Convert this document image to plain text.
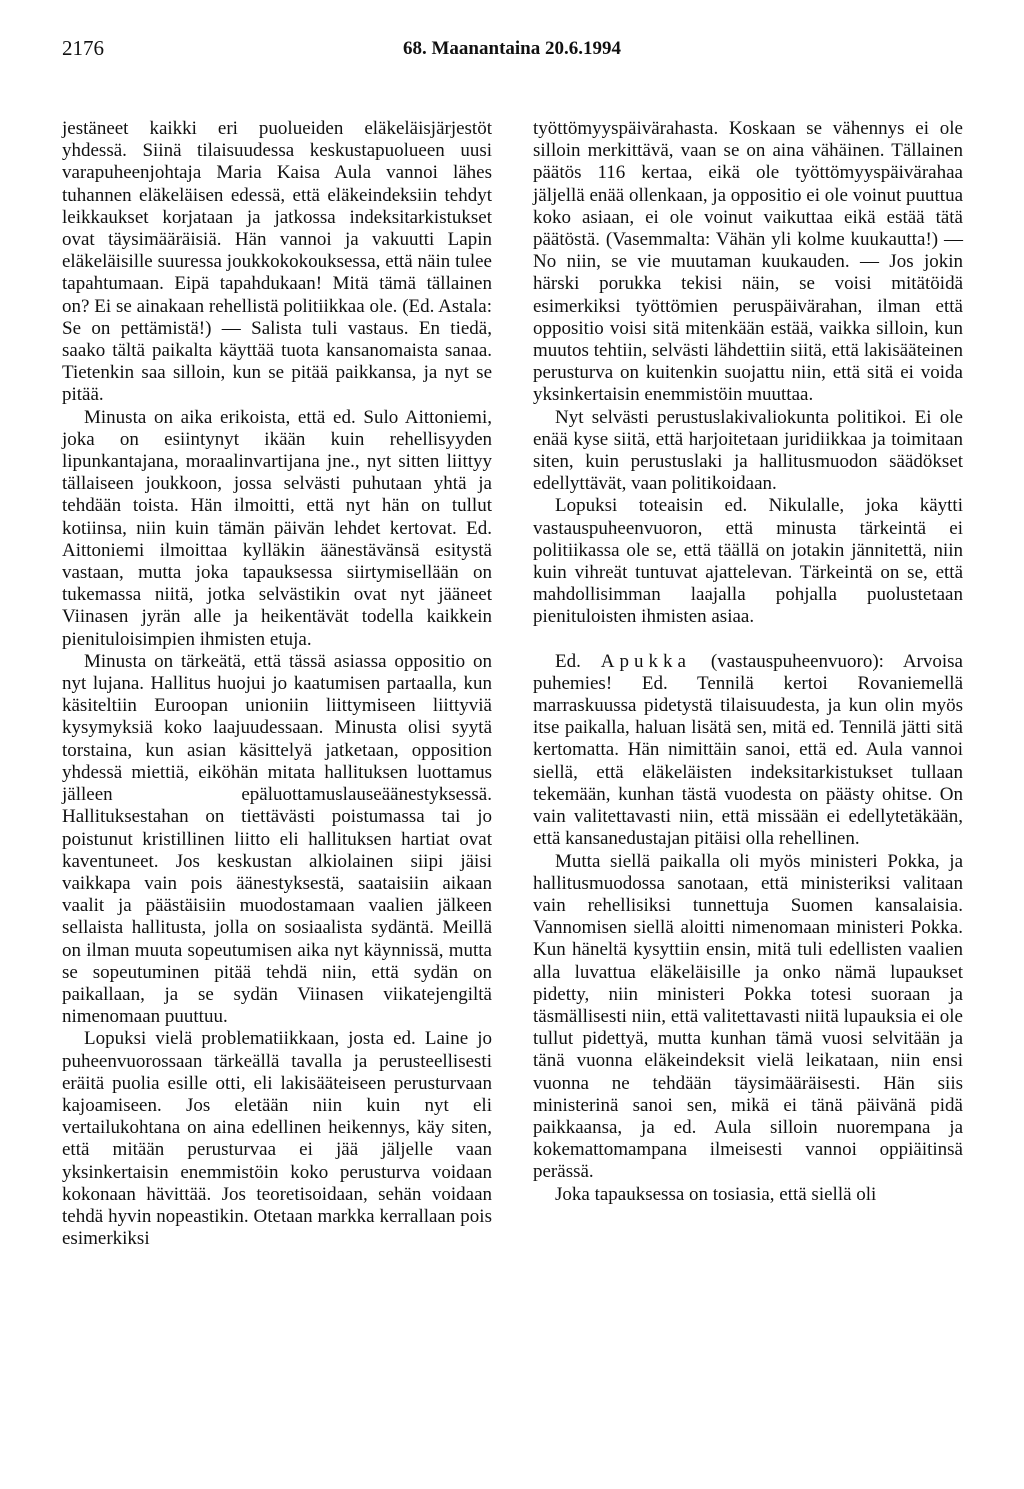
2176	68. Maanantaina 20.6.1994

jestäneet kaikki eri puolueiden eläkeläisjärjestöt yhdessä. Siinä tilaisuudessa keskustapuolueen uusi varapuheenjohtaja Maria Kaisa Aula vannoi lähes tuhannen eläkeläisen edessä, että eläkeindeksiin tehdyt leikkaukset korjataan ja jatkossa indeksitarkistukset ovat täysimääräisiä. Hän vannoi ja vakuutti Lapin eläkeläisille suuressa joukkokokouksessa, että näin tulee tapahtumaan. Eipä tapahdukaan! Mitä tämä tällainen on? Ei se ainakaan rehellistä politiikkaa ole. (Ed. Astala: Se on pettämistä!) — Salista tuli vastaus. En tiedä, saako tältä paikalta käyttää tuota kansanomaista sanaa. Tietenkin saa silloin, kun se pitää paikkansa, ja nyt se pitää.

Minusta on aika erikoista, että ed. Sulo Aittoniemi, joka on esiintynyt ikään kuin rehellisyyden lipunkantajana, moraalinvartijana jne., nyt sitten liittyy tällaiseen joukkoon, jossa selvästi puhutaan yhtä ja tehdään toista. Hän ilmoitti, että nyt hän on tullut kotiinsa, niin kuin tämän päivän lehdet kertovat. Ed. Aittoniemi ilmoittaa kylläkin äänestävänsä esitystä vastaan, mutta joka tapauksessa siirtymisellään on tukemassa niitä, jotka selvästikin ovat nyt jääneet Viinasen jyrän alle ja heikentävät todella kaikkein pienituloisimpien ihmisten etuja.

Minusta on tärkeätä, että tässä asiassa oppositio on nyt lujana. Hallitus huojui jo kaatumisen partaalla, kun käsiteltiin Euroopan unioniin liittymiseen liittyviä kysymyksiä koko laajuudessaan. Minusta olisi syytä torstaina, kun asian käsittelyä jatketaan, opposition yhdessä miettiä, eiköhän mitata hallituksen luottamus jälleen epäluottamuslauseäänestyksessä. Hallituksestahan on tiettävästi poistumassa tai jo poistunut kristillinen liitto eli hallituksen hartiat ovat kaventuneet. Jos keskustan alkiolainen siipi jäisi vaikkapa vain pois äänestyksestä, saataisiin aikaan vaalit ja päästäisiin muodostamaan vaalien jälkeen sellaista hallitusta, jolla on sosiaalista sydäntä. Meillä on ilman muuta sopeutumisen aika nyt käynnissä, mutta se sopeutuminen pitää tehdä niin, että sydän on paikallaan, ja se sydän Viinasen viikatejengiltä nimenomaan puuttuu.

Lopuksi vielä problematiikkaan, josta ed. Laine jo puheenvuorossaan tärkeällä tavalla ja perusteellisesti eräitä puolia esille otti, eli lakisääteiseen perusturvaan kajoamiseen. Jos eletään niin kuin nyt eli vertailukohtana on aina edellinen heikennys, käy siten, että mitään perusturvaa ei jää jäljelle vaan yksinkertaisin enemmistöin koko perusturva voidaan kokonaan hävittää. Jos teoretisoidaan, sehän voidaan tehdä hyvin nopeastikin. Otetaan markka kerrallaan pois esimerkiksi

työttömyyspäivärahasta. Koskaan se vähennys ei ole silloin merkittävä, vaan se on aina vähäinen. Tällainen päätös 116 kertaa, eikä ole työttömyyspäivärahaa jäljellä enää ollenkaan, ja oppositio ei ole voinut puuttua koko asiaan, ei ole voinut vaikuttaa eikä estää tätä päätöstä. (Vasemmalta: Vähän yli kolme kuukautta!) — No niin, se vie muutaman kuukauden. — Jos jokin härski porukka tekisi näin, se voisi mitätöidä esimerkiksi työttömien peruspäivärahan, ilman että oppositio voisi sitä mitenkään estää, vaikka silloin, kun muutos tehtiin, selvästi lähdettiin siitä, että lakisääteinen perusturva on kuitenkin suojattu niin, että sitä ei voida yksinkertaisin enemmistöin muuttaa.

Nyt selvästi perustuslakivaliokunta politikoi. Ei ole enää kyse siitä, että harjoitetaan juridiikkaa ja toimitaan siten, kuin perustuslaki ja hallitusmuodon säädökset edellyttävät, vaan politikoidaan.

Lopuksi toteaisin ed. Nikulalle, joka käytti vastauspuheenvuoron, että minusta tärkeintä ei politiikassa ole se, että täällä on jotakin jännitettä, niin kuin vihreät tuntuvat ajattelevan. Tärkeintä on se, että mahdollisimman laajalla pohjalla puolustetaan pienituloisten ihmisten asiaa.

Ed. Apukka (vastauspuheenvuoro): Arvoisa puhemies! Ed. Tennilä kertoi Rovaniemellä marraskuussa pidetystä tilaisuudesta, ja kun olin myös itse paikalla, haluan lisätä sen, mitä ed. Tennilä jätti sitä kertomatta. Hän nimittäin sanoi, että ed. Aula vannoi siellä, että eläkeläisten indeksitarkistukset tullaan tekemään, kunhan tästä vuodesta on päästy ohitse. On vain valitettavasti niin, että missään ei edellytetäkään, että kansanedustajan pitäisi olla rehellinen.

Mutta siellä paikalla oli myös ministeri Pokka, ja hallitusmuodossa sanotaan, että ministeriksi valitaan vain rehellisiksi tunnettuja Suomen kansalaisia. Vannomisen siellä aloitti nimenomaan ministeri Pokka. Kun häneltä kysyttiin ensin, mitä tuli edellisten vaalien alla luvattua eläkeläisille ja onko nämä lupaukset pidetty, niin ministeri Pokka totesi suoraan ja täsmällisesti niin, että valitettavasti niitä lupauksia ei ole tullut pidettyä, mutta kunhan tämä vuosi selvitään ja tänä vuonna eläkeindeksit vielä leikataan, niin ensi vuonna ne tehdään täysimääräisesti. Hän siis ministerinä sanoi sen, mikä ei tänä päivänä pidä paikkaansa, ja ed. Aula silloin nuorempana ja kokemattomampana ilmeisesti vannoi oppiäitinsä perässä.

Joka tapauksessa on tosiasia, että siellä oli
